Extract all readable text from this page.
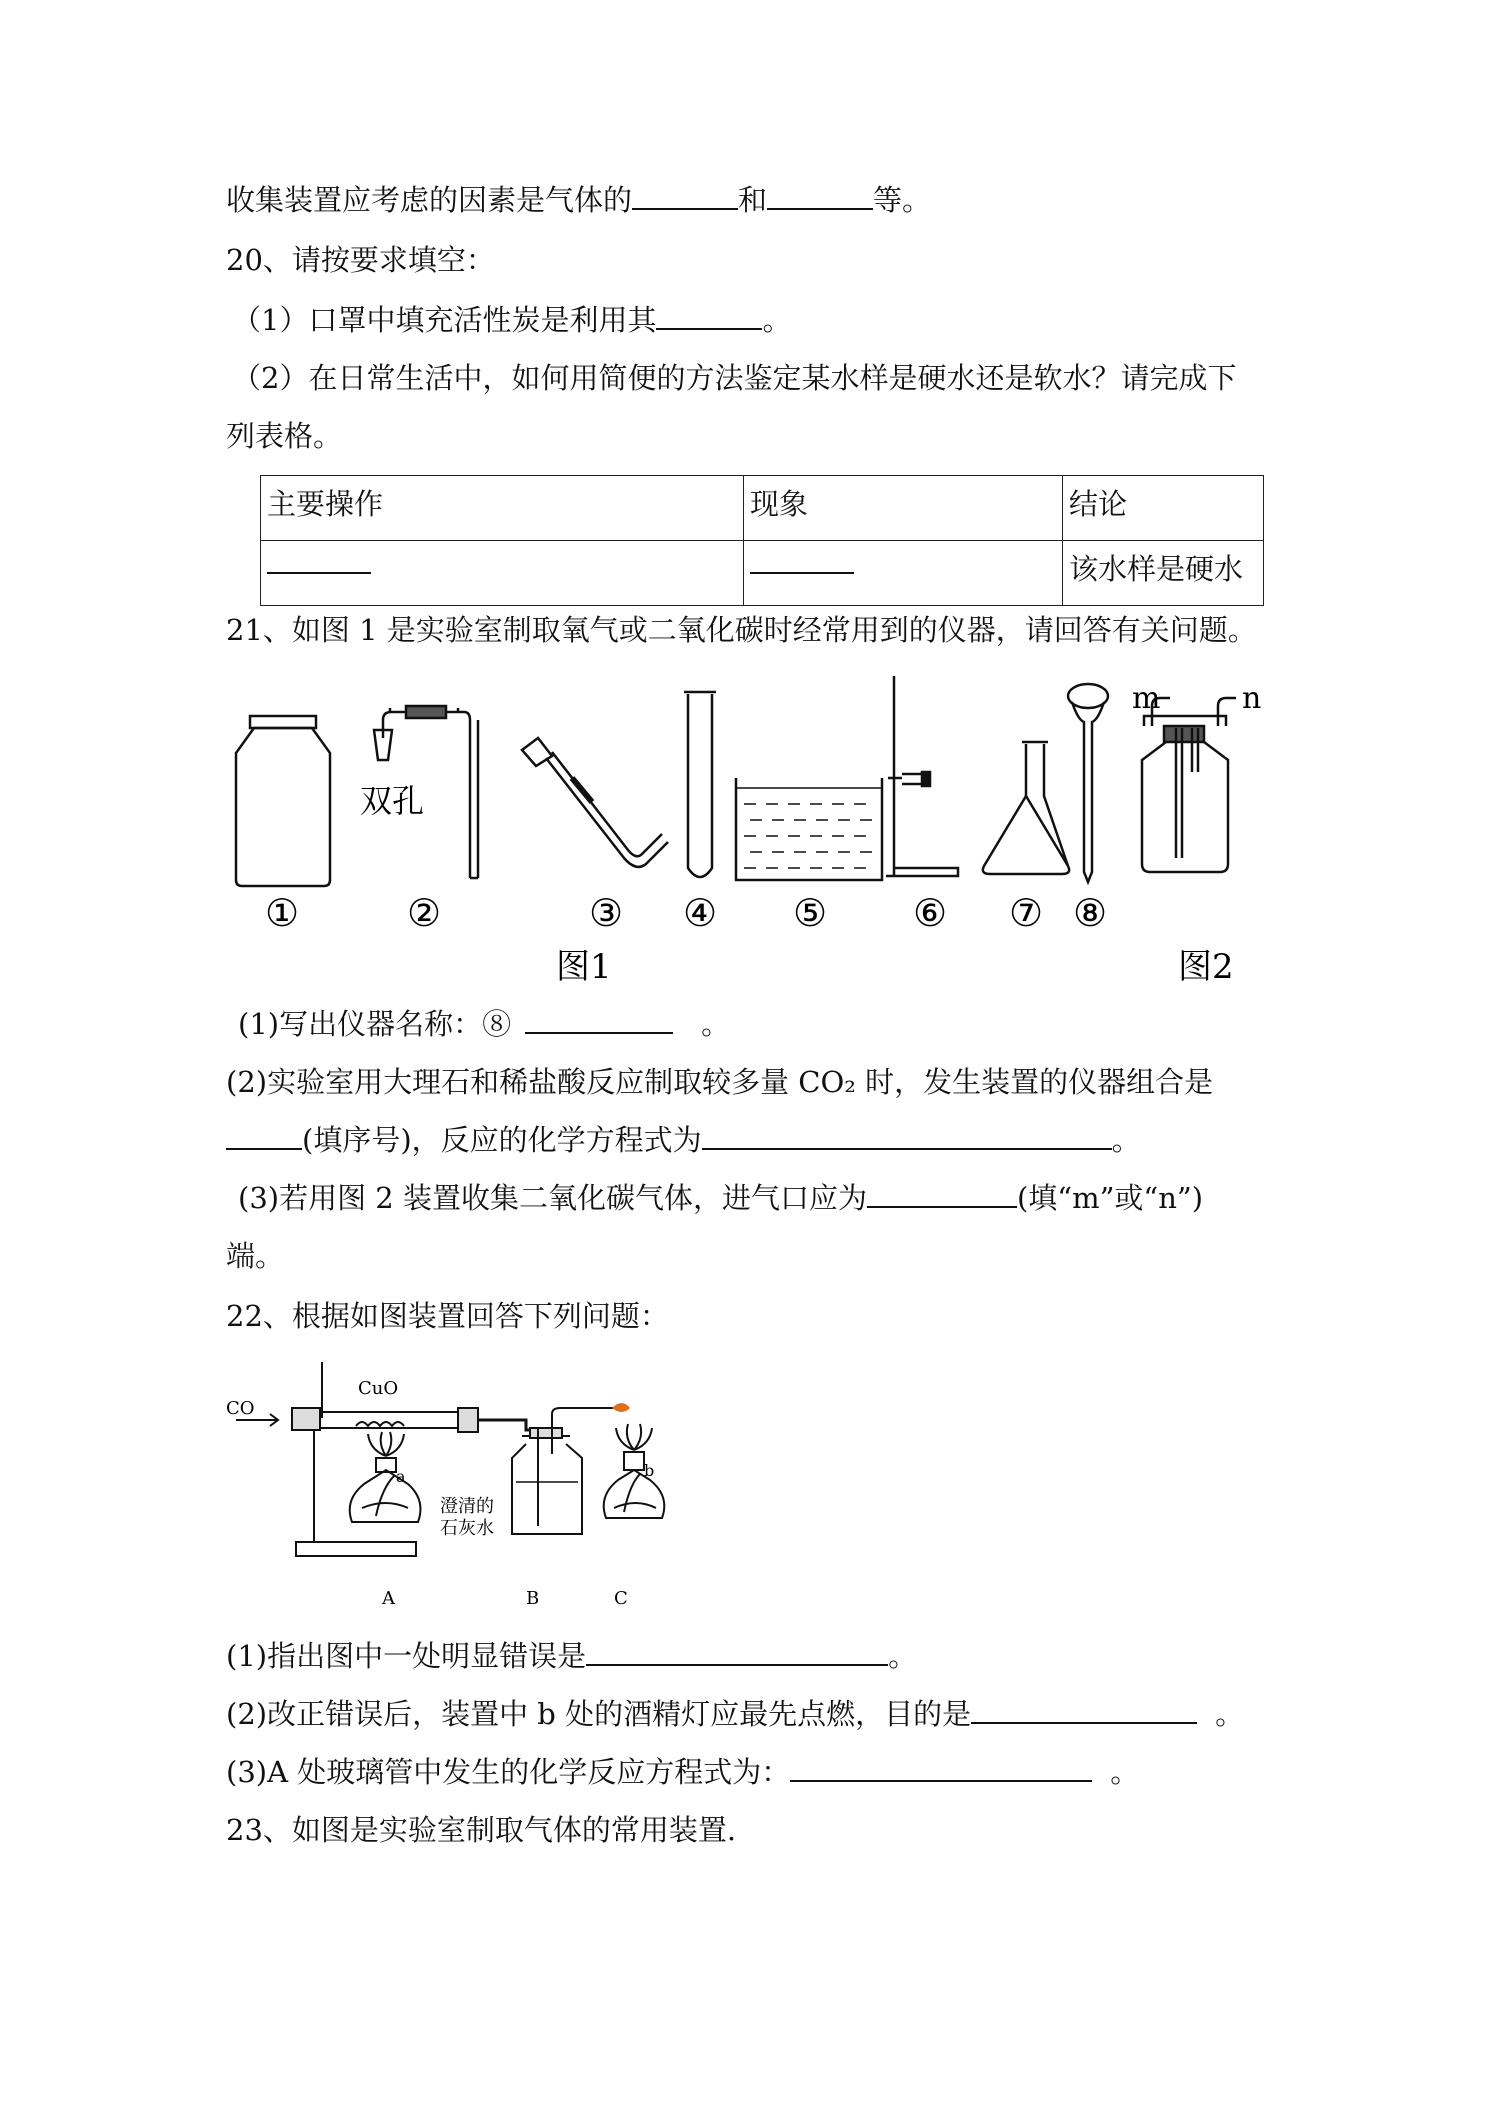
收集装置应考虑的因素是气体的	和	等。
20、请按要求填空：
（1）口罩中填充活性炭是利用其	。
（2）在日常生活中，如何用简便的方法鉴定某水样是硬水还是软水？请完成下
列表格。
主要操作	现象	结论
		该水样是硬水
21、如图 1 是实验室制取氧气或二氧化碳时经常用到的仪器，请回答有关问题。
双孔
m	n
①	②	③ ④ ⑤ ⑥ ⑦ ⑧
图1	图2
(1)写出仪器名称：⑧	。
(2)实验室用大理石和稀盐酸反应制取较多量 CO₂ 时，发生装置的仪器组合是
(填序号)，反应的化学方程式为	。
(3)若用图 2 装置收集二氧化碳气体，进气口应为	(填“m”或“n”)
端。
22、根据如图装置回答下列问题：
CO
CuO
a	b
澄清的
石灰水
A	B	C
(1)指出图中一处明显错误是	。
(2)改正错误后，装置中 b 处的酒精灯应最先点燃，目的是	。
(3)A 处玻璃管中发生的化学反应方程式为：	。
23、如图是实验室制取气体的常用装置.
